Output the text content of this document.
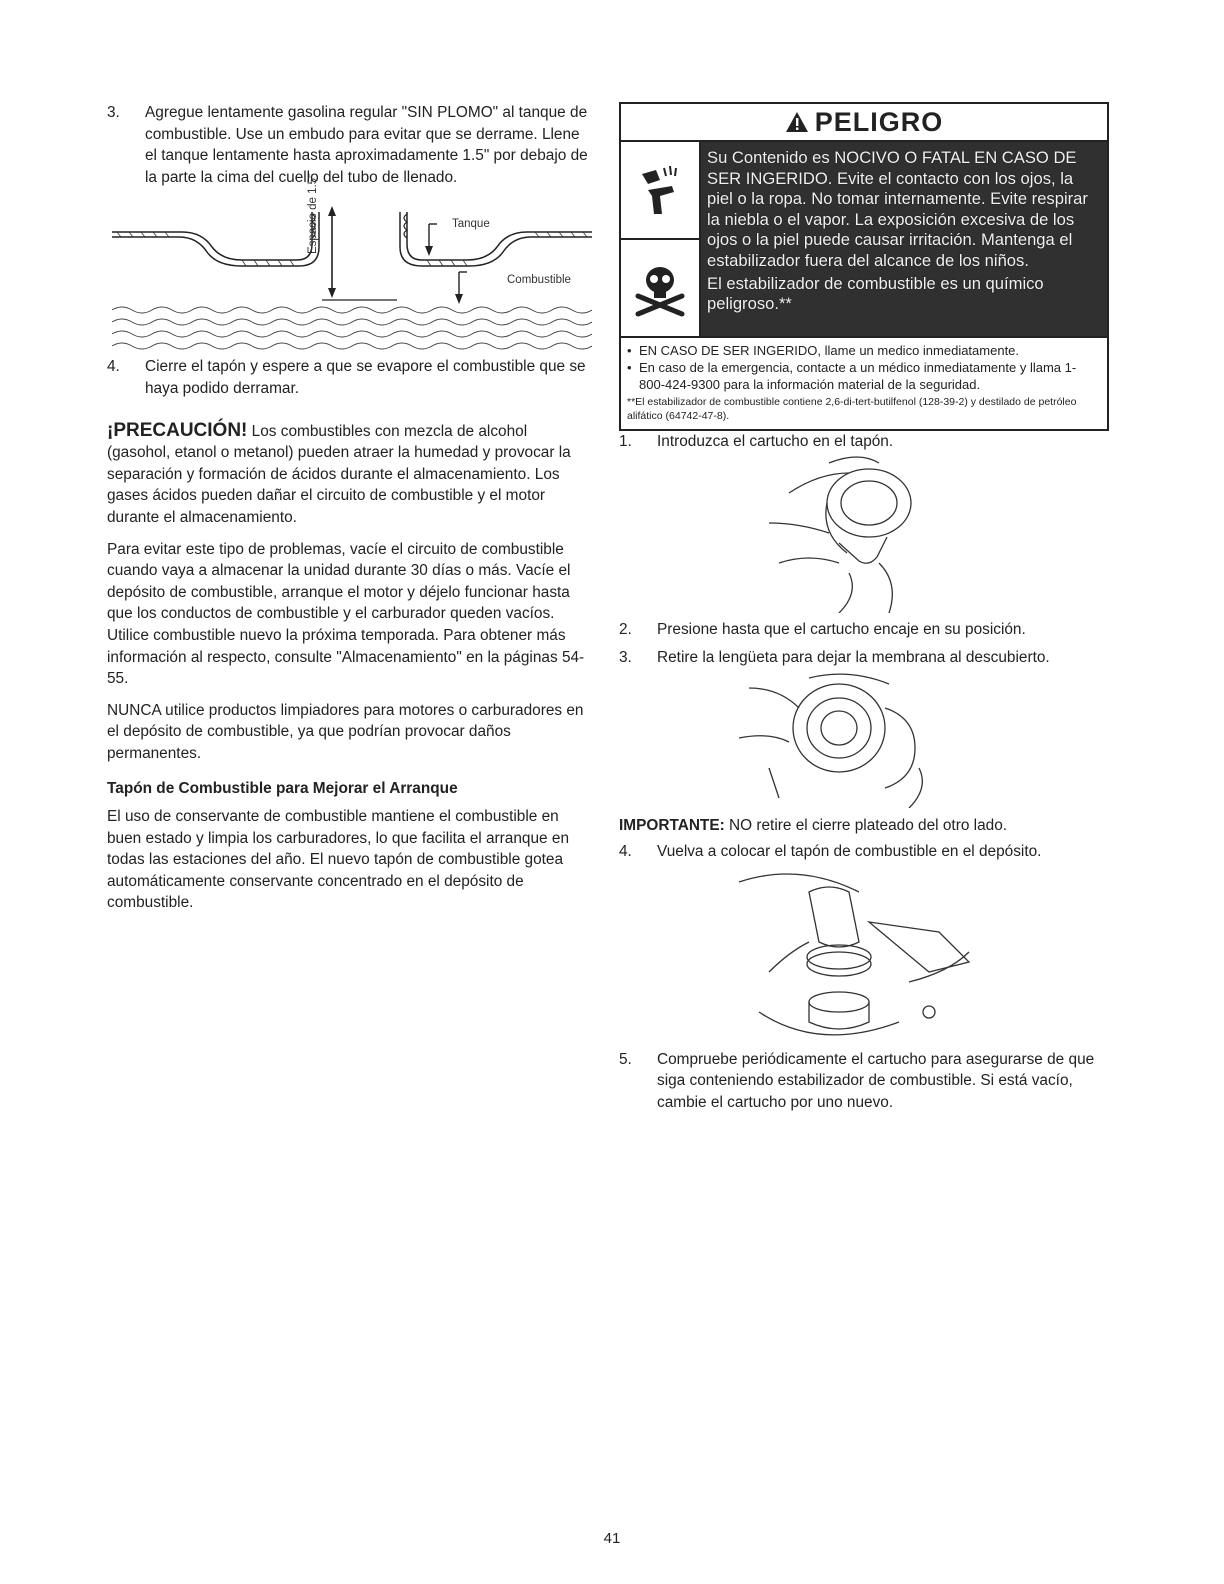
3.	Agregue lentamente gasolina regular "SIN PLOMO" al tanque de combustible. Use un embudo para evitar que se derrame. Llene el tanque lentamente hasta aproximadamente 1.5" por debajo de la parte la cima del cuello del tubo de llenado.
Tanque
Combustible
Espacio de 1.5"
4.	Cierre el tapón y espere a que se evapore el combustible que se haya podido derramar.

¡PRECAUCIÓN! Los combustibles con mezcla de alcohol (gasohol, etanol o metanol) pueden atraer la humedad y provocar la separación y formación de ácidos durante el almacenamiento. Los gases ácidos pueden dañar el circuito de combustible y el motor durante el almacenamiento.

Para evitar este tipo de problemas, vacíe el circuito de combustible cuando vaya a almacenar la unidad durante 30 días o más. Vacíe el depósito de combustible, arranque el motor y déjelo funcionar hasta que los conductos de combustible y el carburador queden vacíos. Utilice combustible nuevo la próxima temporada. Para obtener más información al respecto, consulte "Almacenamiento" en la páginas 54-55.

NUNCA utilice productos limpiadores para motores o carburadores en el depósito de combustible, ya que podrían provocar daños permanentes.

Tapón de Combustible para Mejorar el Arranque

El uso de conservante de combustible mantiene el combustible en buen estado y limpia los carburadores, lo que facilita el arranque en todas las estaciones del año. El nuevo tapón de combustible gotea automáticamente conservante concentrado en el depósito de combustible.

PELIGRO

Su Contenido es NOCIVO O FATAL EN CASO DE SER INGERIDO. Evite el contacto con los ojos, la piel o la ropa. No tomar internamente. Evite respirar la niebla o el vapor. La exposición excesiva de los ojos o la piel puede causar irritación. Mantenga el estabilizador fuera del alcance de los niños.

El estabilizador de combustible es un químico peligroso.**

• EN CASO DE SER INGERIDO, llame un medico inmediatamente.
• En caso de la emergencia, contacte a un médico inmediatamente y llama 1-800-424-9300 para la información material de la seguridad.
**El estabilizador de combustible contiene 2,6-di-tert-butilfenol (128-39-2) y destilado de petróleo alifático (64742-47-8).
1.	Introduzca el cartucho en el tapón.
2.	Presione hasta que el cartucho encaje en su posición.
3.	Retire la lengüeta para dejar la membrana al descubierto.

IMPORTANTE: NO retire el cierre plateado del otro lado.

4.	Vuelva a colocar el tapón de combustible en el depósito.
5.	Compruebe periódicamente el cartucho para asegurarse de que siga conteniendo estabilizador de combustible. Si está vacío, cambie el cartucho por uno nuevo.
41
